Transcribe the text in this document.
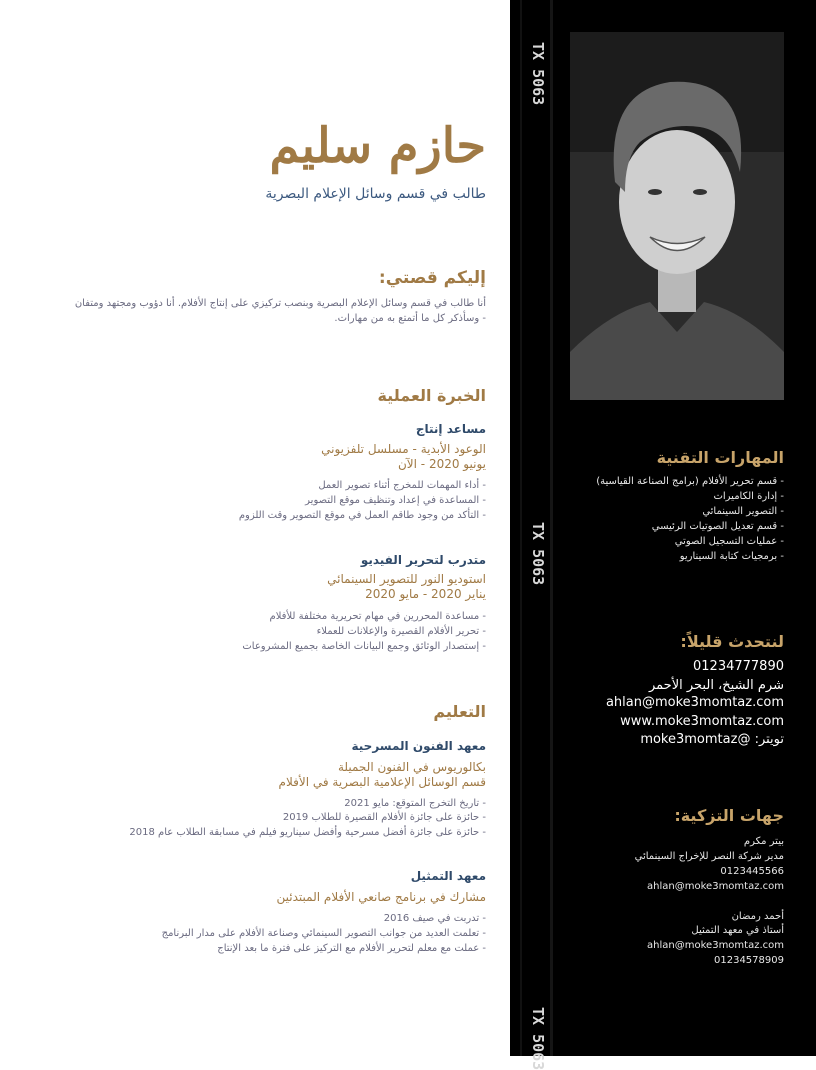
حازم سليم
طالب في قسم وسائل الإعلام البصرية
إليكم قصتي:
أنا طالب في قسم وسائل الإعلام البصرية وبنصب تركيزي على إنتاج الأفلام. أنا دؤوب ومجتهد ومتفان
- وسأذكر كل ما أتمتع به من مهارات.
الخبرة العملية
مساعد إنتاج
الوعود الأبدية - مسلسل تلفزيوني
يونيو 2020 - الآن
- أداء المهمات للمخرج أثناء تصوير العمل
- المساعدة في إعداد وتنظيف موقع التصوير
- التأكد من وجود طاقم العمل في موقع التصوير وقت اللزوم
متدرب لتحرير الفيديو
استوديو النور للتصوير السينمائي
يناير 2020 - مايو 2020
- مساعدة المحررين في مهام تحريرية مختلفة للأفلام
- تحرير الأفلام القصيرة والإعلانات للعملاء
- إستصدار الوثائق وجمع البيانات الخاصة بجميع المشروعات
التعليم
معهد الفنون المسرحية
بكالوريوس في الفنون الجميلة
قسم الوسائل الإعلامية البصرية في الأفلام
- تاريخ التخرج المتوقع: مايو 2021
- حائزة على جائزة الأفلام القصيرة للطلاب 2019
- حائزة على جائزة أفضل مسرحية وأفضل سيناريو فيلم في مسابقة الطلاب عام 2018
معهد التمثيل
مشارك في برنامج صانعي الأفلام المبتدئين
- تدربت في صيف 2016
- تعلمت العديد من جوانب التصوير السينمائي وصناعة الأفلام على مدار البرنامج
- عملت مع معلم لتحرير الأفلام مع التركيز على فترة ما بعد الإنتاج
TX 5063
TX 5063
TX 5063
المهارات التقنية
- قسم تحرير الأفلام (برامج الصناعة القياسية)
- إدارة الكاميرات
- التصوير السينمائي
- قسم تعديل الصوتيات الرئيسي
- عمليات التسجيل الصوتي
- برمجيات كتابة السيناريو
لنتحدث قليلاً:
01234777890
شرم الشيخ، البحر الأحمر
ahlan@moke3momtaz.com
www.moke3momtaz.com
تويتر: @moke3momtaz
جهات التزكية:
بيتر مكرم
مدير شركة النصر للإخراج السينمائي
0123445566
ahlan@moke3momtaz.com
أحمد رمضان
أستاذ في معهد التمثيل
ahlan@moke3momtaz.com
01234578909
